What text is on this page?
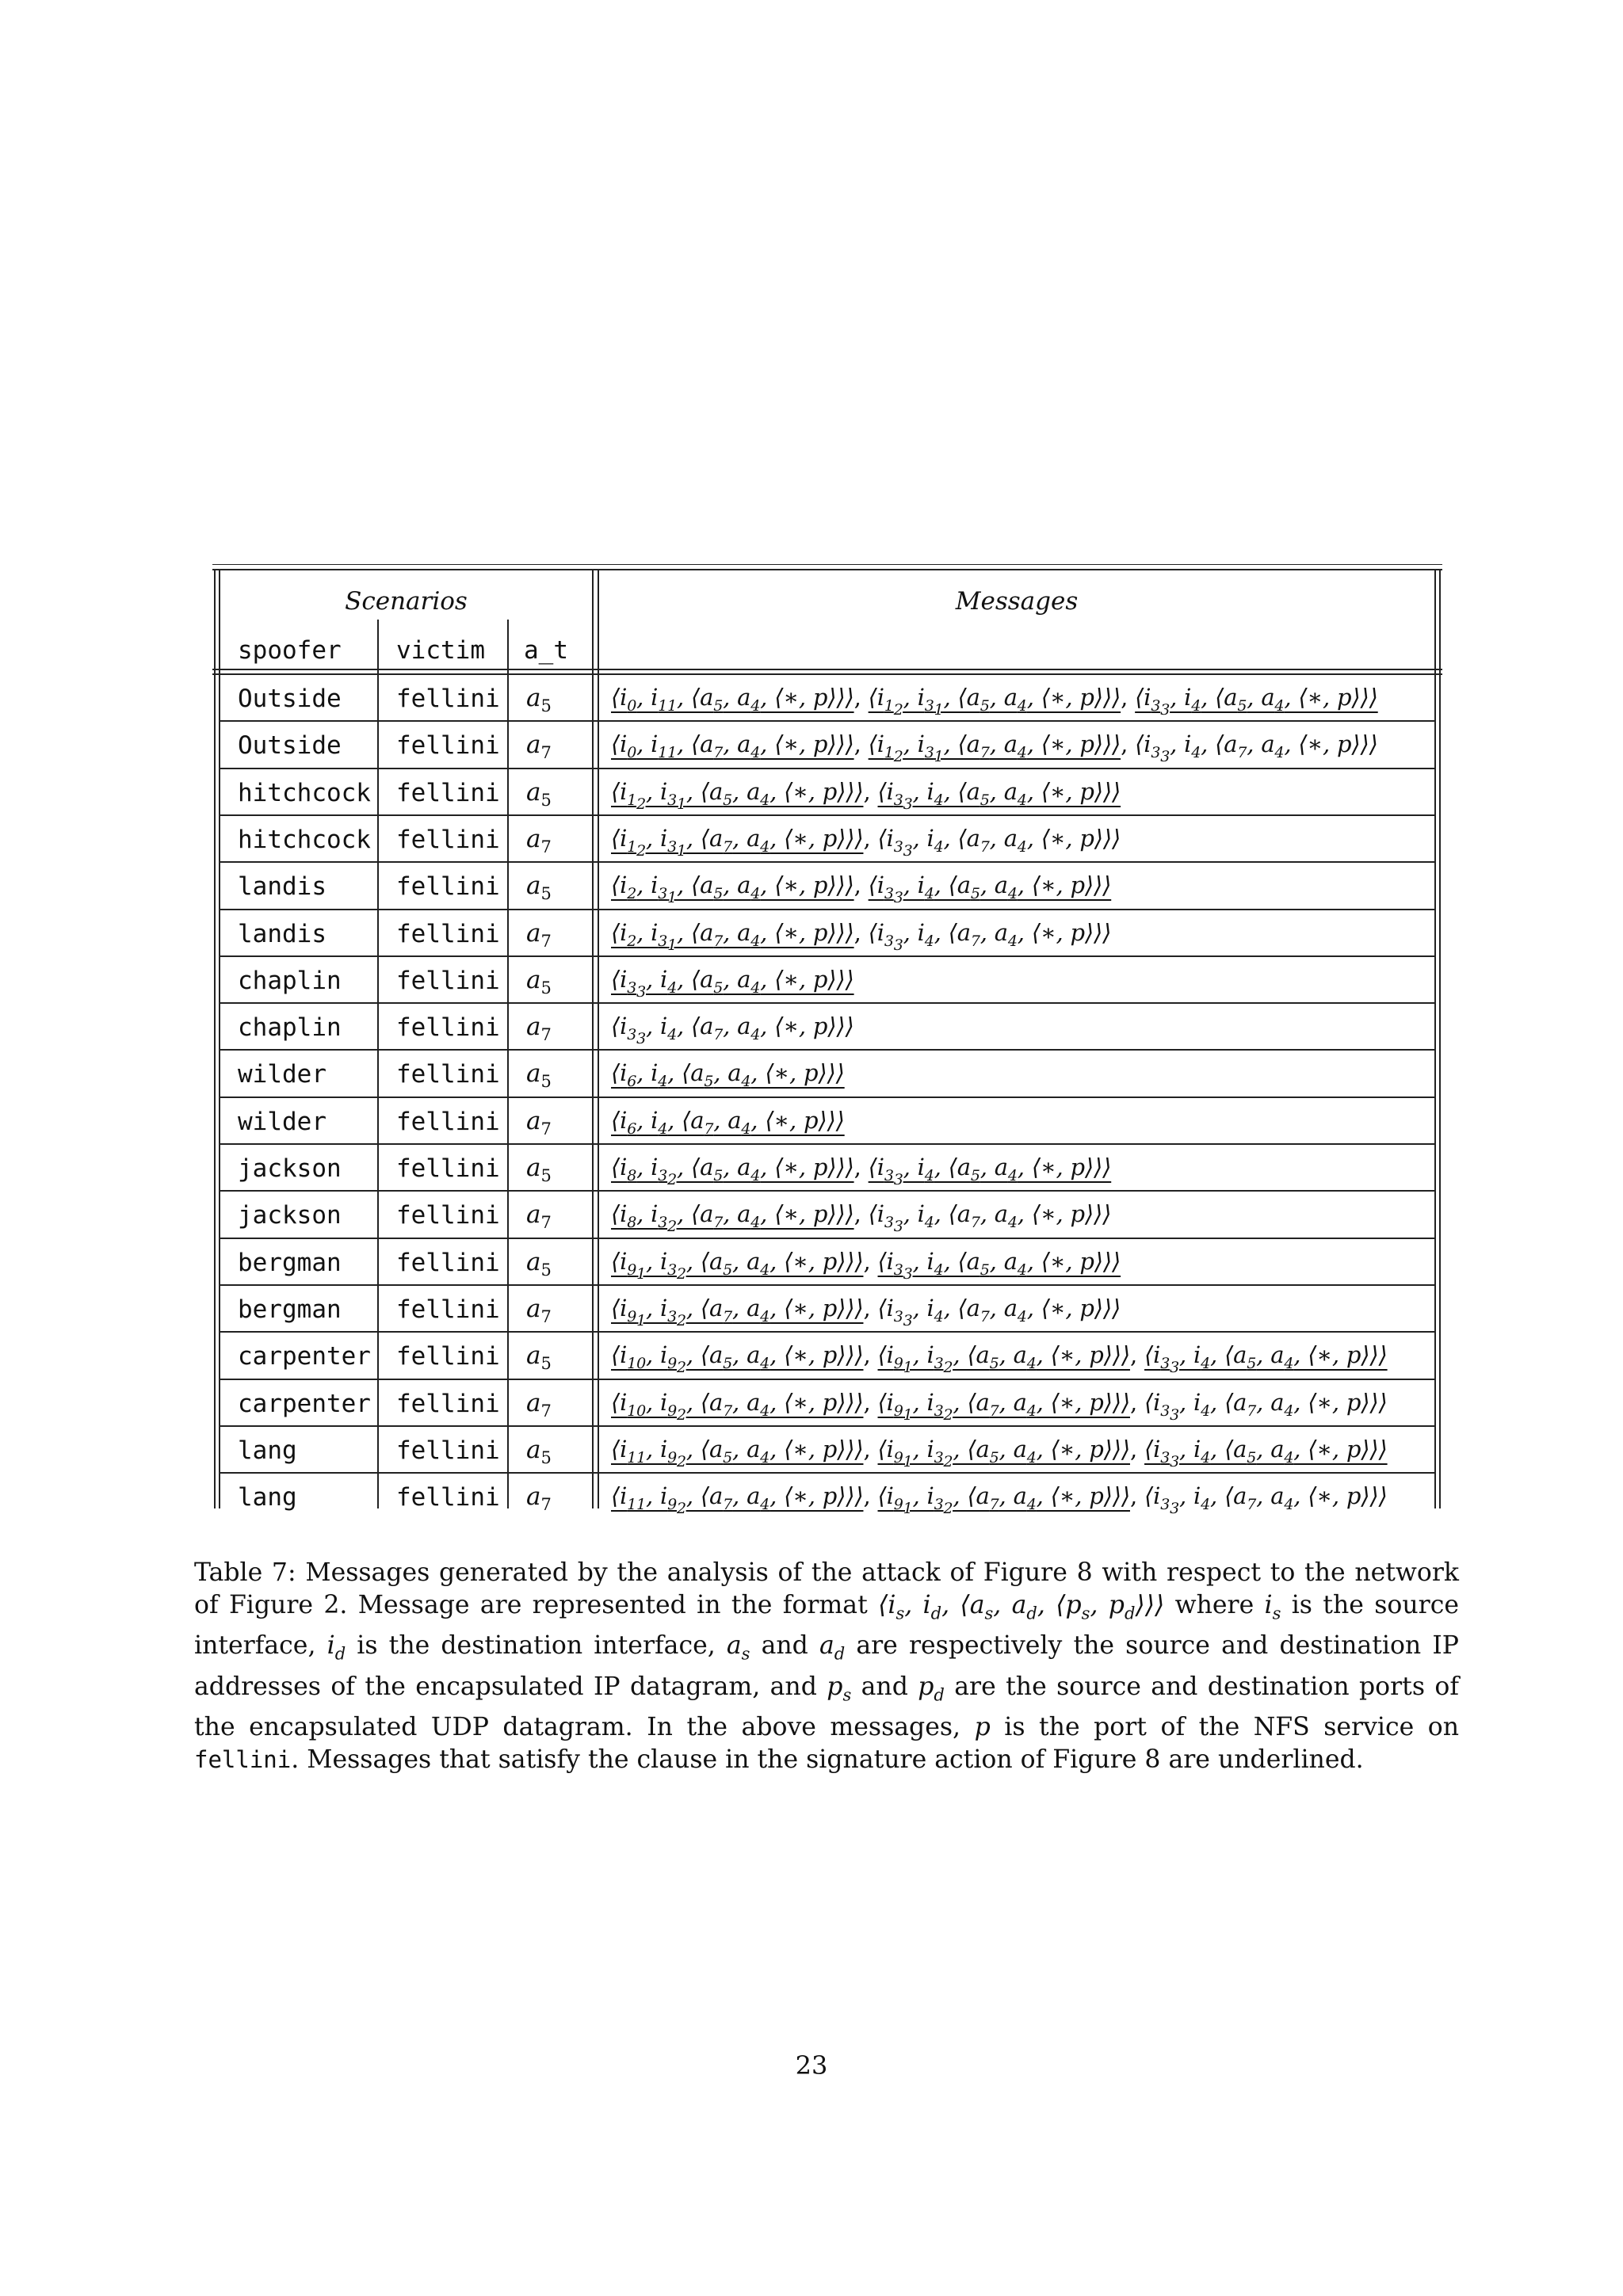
Scenarios	Messages
spoofer victim a_t
Outside fellini $a_5$	$⟨i_0$, $i_{11}$, $⟨a_5$, $a_4$, ⟨∗, p⟩⟩⟩, $⟨i_{1_2}$, $i_{3_1}$, $⟨a_5$, $a_4$, ⟨∗, p⟩⟩⟩, $⟨i_{3_3}$, $i_4$, $⟨a_5$, $a_4$, ⟨∗, p⟩⟩⟩
Outside fellini $a_7$	$⟨i_0$, $i_{11}$, $⟨a_7$, $a_4$, ⟨∗, p⟩⟩⟩, $⟨i_{1_2}$, $i_{3_1}$, $⟨a_7$, $a_4$, ⟨∗, p⟩⟩⟩, $⟨i_{3_3}$, $i_4$, $⟨a_7$, $a_4$, ⟨∗, p⟩⟩⟩
hitchcock fellini $a_5$	$⟨i_{1_2}$, $i_{3_1}$, $⟨a_5$, $a_4$, ⟨∗, p⟩⟩⟩, $⟨i_{3_3}$, $i_4$, $⟨a_5$, $a_4$, ⟨∗, p⟩⟩⟩
hitchcock fellini $a_7$	$⟨i_{1_2}$, $i_{3_1}$, $⟨a_7$, $a_4$, ⟨∗, p⟩⟩⟩, $⟨i_{3_3}$, $i_4$, $⟨a_7$, $a_4$, ⟨∗, p⟩⟩⟩
landis	fellini $a_5$	$⟨i_2$, $i_{3_1}$, $⟨a_5$, $a_4$, ⟨∗, p⟩⟩⟩, $⟨i_{3_3}$, $i_4$, $⟨a_5$, $a_4$, ⟨∗, p⟩⟩⟩
landis	fellini $a_7$	$⟨i_2$, $i_{3_1}$, $⟨a_7$, $a_4$, ⟨∗, p⟩⟩⟩, $⟨i_{3_3}$, $i_4$, $⟨a_7$, $a_4$, ⟨∗, p⟩⟩⟩
chaplin fellini $a_5$	$⟨i_{3_3}$, $i_4$, $⟨a_5$, $a_4$, ⟨∗, p⟩⟩⟩
chaplin fellini $a_7$	$⟨i_{3_3}$, $i_4$, $⟨a_7$, $a_4$, ⟨∗, p⟩⟩⟩
wilder	fellini $a_5$	$⟨i_6$, $i_4$, $⟨a_5$, $a_4$, ⟨∗, p⟩⟩⟩
wilder	fellini $a_7$	$⟨i_6$, $i_4$, $⟨a_7$, $a_4$, ⟨∗, p⟩⟩⟩
jackson fellini $a_5$	$⟨i_8$, $i_{3_2}$, $⟨a_5$, $a_4$, ⟨∗, p⟩⟩⟩, $⟨i_{3_3}$, $i_4$, $⟨a_5$, $a_4$, ⟨∗, p⟩⟩⟩
jackson fellini $a_7$	$⟨i_8$, $i_{3_2}$, $⟨a_7$, $a_4$, ⟨∗, p⟩⟩⟩, $⟨i_{3_3}$, $i_4$, $⟨a_7$, $a_4$, ⟨∗, p⟩⟩⟩
bergman fellini $a_5$	$⟨i_{9_1}$, $i_{3_2}$, $⟨a_5$, $a_4$, ⟨∗, p⟩⟩⟩, $⟨i_{3_3}$, $i_4$, $⟨a_5$, $a_4$, ⟨∗, p⟩⟩⟩
bergman fellini $a_7$	$⟨i_{9_1}$, $i_{3_2}$, $⟨a_7$, $a_4$, ⟨∗, p⟩⟩⟩, $⟨i_{3_3}$, $i_4$, $⟨a_7$, $a_4$, ⟨∗, p⟩⟩⟩
carpenter fellini $a_5$	$⟨i_{10}$, $i_{9_2}$, $⟨a_5$, $a_4$, ⟨∗, p⟩⟩⟩, $⟨i_{9_1}$, $i_{3_2}$, $⟨a_5$, $a_4$, ⟨∗, p⟩⟩⟩, $⟨i_{3_3}$, $i_4$, $⟨a_5$, $a_4$, ⟨∗, p⟩⟩⟩
carpenter fellini $a_7$	$⟨i_{10}$, $i_{9_2}$, $⟨a_7$, $a_4$, ⟨∗, p⟩⟩⟩, $⟨i_{9_1}$, $i_{3_2}$, $⟨a_7$, $a_4$, ⟨∗, p⟩⟩⟩, $⟨i_{3_3}$, $i_4$, $⟨a_7$, $a_4$, ⟨∗, p⟩⟩⟩
lang	fellini $a_5$	$⟨i_{11}$, $i_{9_2}$, $⟨a_5$, $a_4$, ⟨∗, p⟩⟩⟩, $⟨i_{9_1}$, $i_{3_2}$, $⟨a_5$, $a_4$, ⟨∗, p⟩⟩⟩, $⟨i_{3_3}$, $i_4$, $⟨a_5$, $a_4$, ⟨∗, p⟩⟩⟩
lang	fellini $a_7$	$⟨i_{11}$, $i_{9_2}$, $⟨a_7$, $a_4$, ⟨∗, p⟩⟩⟩, $⟨i_{9_1}$, $i_{3_2}$, $⟨a_7$, $a_4$, ⟨∗, p⟩⟩⟩, $⟨i_{3_3}$, $i_4$, $⟨a_7$, $a_4$, ⟨∗, p⟩⟩⟩
Table 7: Messages generated by the analysis of the attack of Figure 8 with respect to the network of Figure 2. Message are represented in the format $⟨i_s$, $i_d$, $⟨a_s$, $a_d$, $⟨p_s$, $p_d⟩⟩⟩$ where $i_s$ is the source interface, $i_d$ is the destination interface, $a_s$ and $a_d$ are respectively the source and destination IP addresses of the encapsulated IP datagram, and $p_s$ and $p_d$ are the source and destination ports of the encapsulated UDP datagram. In the above messages, p is the port of the NFS service on fellini. Messages that satisfy the clause in the signature action of Figure 8 are underlined.
23
